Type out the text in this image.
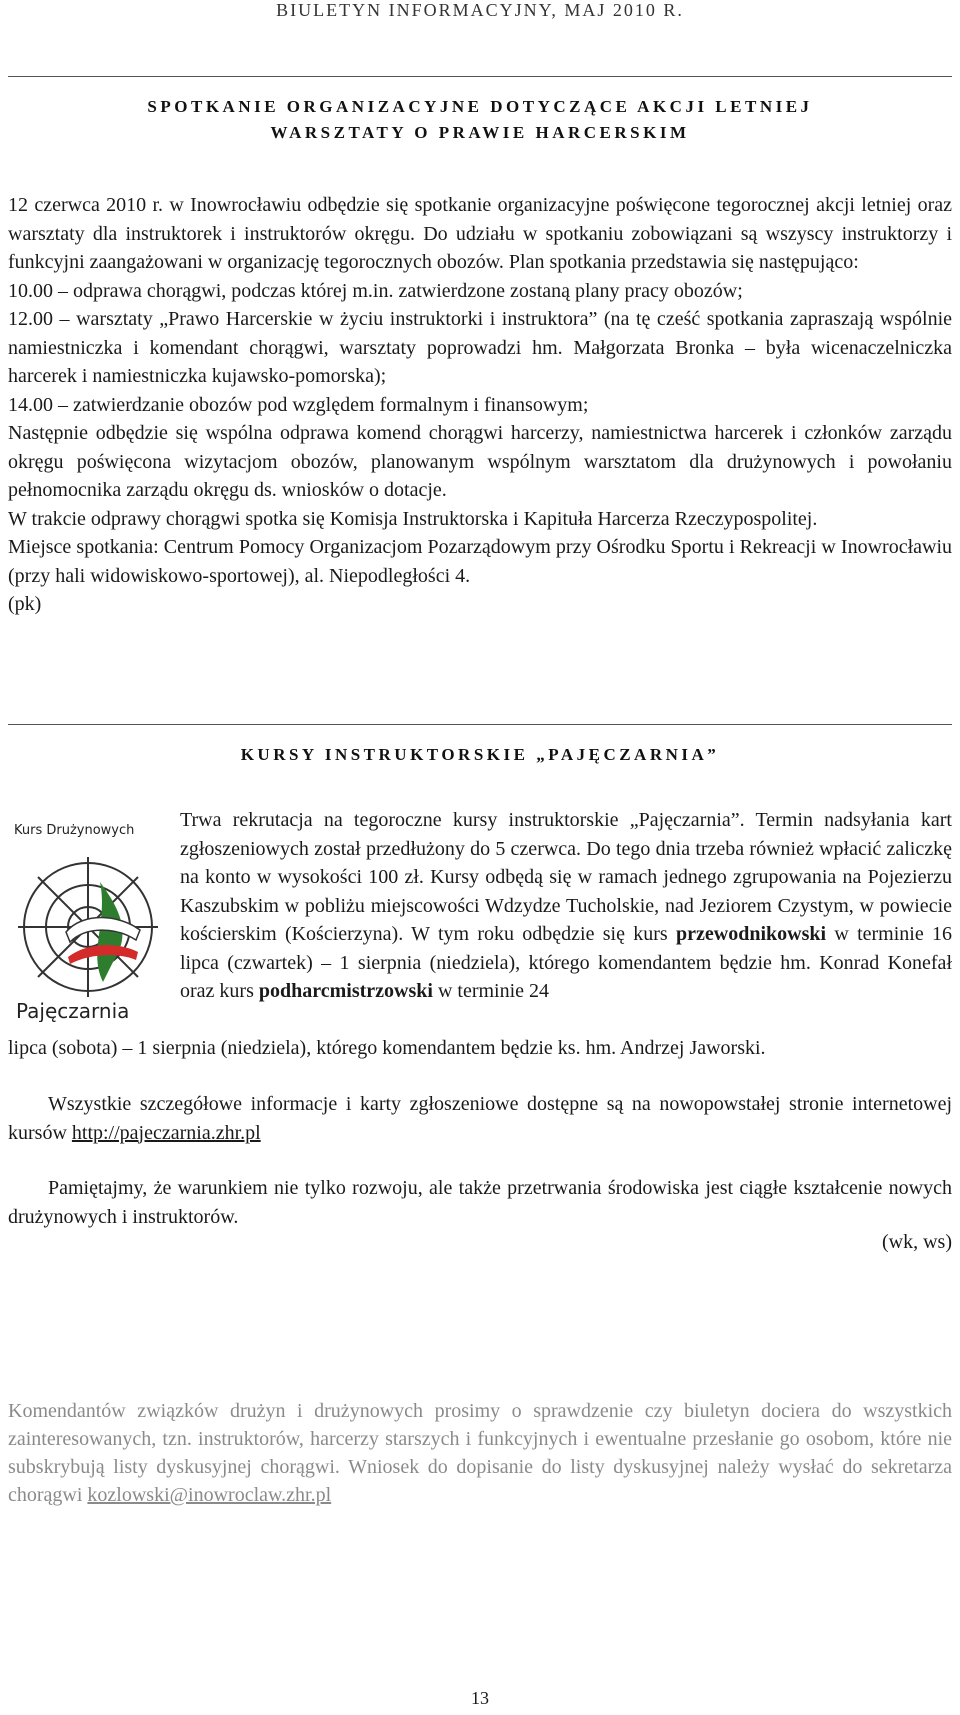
BIULETYN INFORMACYJNY, MAJ 2010 R.
SPOTKANIE ORGANIZACYJNE DOTYCZĄCE AKCJI LETNIEJ
WARSZTATY O PRAWIE HARCERSKIM
12 czerwca 2010 r. w Inowrocławiu odbędzie się spotkanie organizacyjne poświęcone tegorocznej akcji letniej oraz warsztaty dla instruktorek i instruktorów okręgu. Do udziału w spotkaniu zobowiązani są wszyscy instruktorzy i funkcyjni zaangażowani w organizację tegorocznych obozów. Plan spotkania przedstawia się następująco:
10.00 – odprawa chorągwi, podczas której m.in. zatwierdzone zostaną plany pracy obozów;
12.00 – warsztaty „Prawo Harcerskie w życiu instruktorki i instruktora” (na tę cześć spotkania zapraszają wspólnie namiestniczka i komendant chorągwi, warsztaty poprowadzi hm. Małgorzata Bronka – była wicenaczelniczka harcerek i namiestniczka kujawsko-pomorska);
14.00 – zatwierdzanie obozów pod względem formalnym i finansowym;
Następnie odbędzie się wspólna odprawa komend chorągwi harcerzy, namiestnictwa harcerek i członków zarządu okręgu poświęcona wizytacjom obozów, planowanym wspólnym warsztatom dla drużynowych i powołaniu pełnomocnika zarządu okręgu ds. wniosków o dotacje.
W trakcie odprawy chorągwi spotka się Komisja Instruktorska i Kapituła Harcerza Rzeczypospolitej.
Miejsce spotkania: Centrum Pomocy Organizacjom Pozarządowym przy Ośrodku Sportu i Rekreacji w Inowrocławiu (przy hali widowiskowo-sportowej), al. Niepodległości 4.
(pk)
KURSY INSTRUKTORSKIE „PAJĘCZARNIA”
Kurs Drużynowych
Pajęczarnia
Trwa rekrutacja na tegoroczne kursy instruktorskie „Pajęczarnia”. Termin nadsyłania kart zgłoszeniowych został przedłużony do 5 czerwca. Do tego dnia trzeba również wpłacić zaliczkę na konto w wysokości 100 zł. Kursy odbędą się w ramach jednego zgrupowania na Pojezierzu Kaszubskim w pobliżu miejscowości Wdzydze Tucholskie, nad Jeziorem Czystym, w powiecie kościerskim (Kościerzyna). W tym roku odbędzie się kurs przewodnikowski w terminie 16 lipca (czwartek) – 1 sierpnia (niedziela), którego komendantem będzie hm. Konrad Konefał oraz kurs podharcmistrzowski w terminie 24
lipca (sobota) – 1 sierpnia (niedziela), którego komendantem będzie ks. hm. Andrzej Jaworski.
Wszystkie szczegółowe informacje i karty zgłoszeniowe dostępne są na nowopowstałej stronie internetowej kursów http://pajeczarnia.zhr.pl
Pamiętajmy, że warunkiem nie tylko rozwoju, ale także przetrwania środowiska jest ciągłe kształcenie nowych drużynowych i instruktorów.
(wk, ws)
Komendantów związków drużyn i drużynowych prosimy o sprawdzenie czy biuletyn dociera do wszystkich zainteresowanych, tzn. instruktorów, harcerzy starszych i funkcyjnych i ewentualne przesłanie go osobom, które nie subskrybują listy dyskusyjnej chorągwi. Wniosek do dopisanie do listy dyskusyjnej należy wysłać do sekretarza chorągwi kozlowski@inowroclaw.zhr.pl
13
